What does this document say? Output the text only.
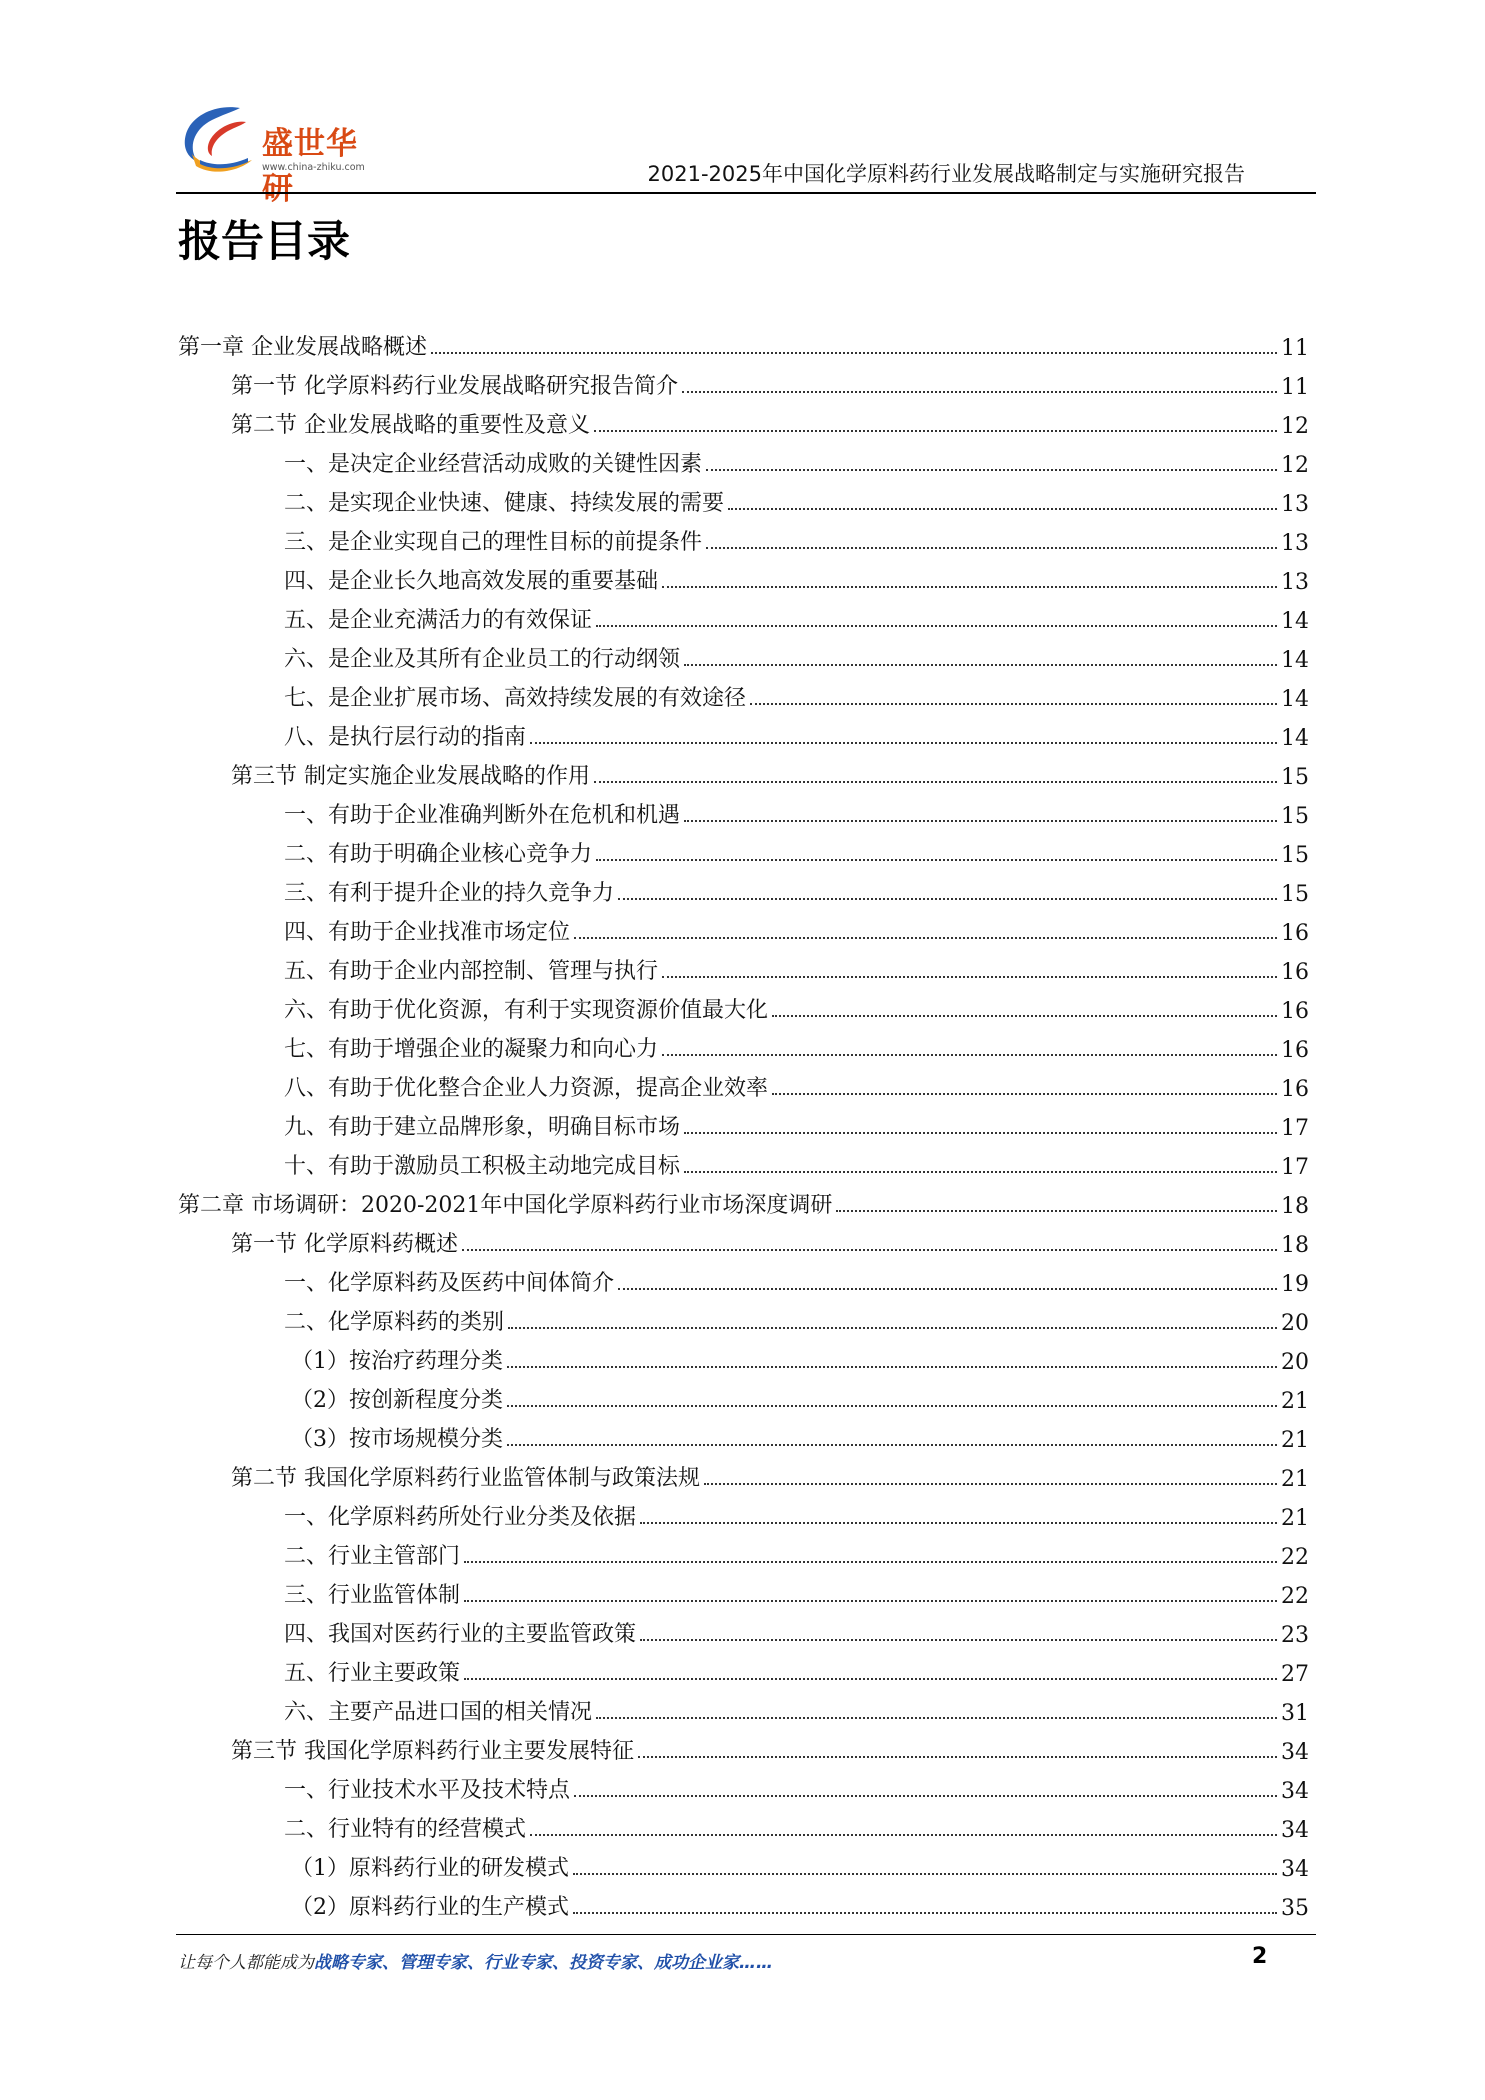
盛世华研
www.china-zhiku.com	2021-2025年中国化学原料药行业发展战略制定与实施研究报告
报告目录
第一章 企业发展战略概述	11
第一节 化学原料药行业发展战略研究报告简介	11
第二节 企业发展战略的重要性及意义	12
一、是决定企业经营活动成败的关键性因素	12
二、是实现企业快速、健康、持续发展的需要	13
三、是企业实现自己的理性目标的前提条件	13
四、是企业长久地高效发展的重要基础	13
五、是企业充满活力的有效保证	14
六、是企业及其所有企业员工的行动纲领	14
七、是企业扩展市场、高效持续发展的有效途径	14
八、是执行层行动的指南	14
第三节 制定实施企业发展战略的作用	15
一、有助于企业准确判断外在危机和机遇	15
二、有助于明确企业核心竞争力	15
三、有利于提升企业的持久竞争力	15
四、有助于企业找准市场定位	16
五、有助于企业内部控制、管理与执行	16
六、有助于优化资源，有利于实现资源价值最大化	16
七、有助于增强企业的凝聚力和向心力	16
八、有助于优化整合企业人力资源，提高企业效率	16
九、有助于建立品牌形象，明确目标市场	17
十、有助于激励员工积极主动地完成目标	17
第二章 市场调研：2020-2021年中国化学原料药行业市场深度调研	18
第一节 化学原料药概述	18
一、化学原料药及医药中间体简介	19
二、化学原料药的类别	20
（1）按治疗药理分类	20
（2）按创新程度分类	21
（3）按市场规模分类	21
第二节 我国化学原料药行业监管体制与政策法规	21
一、化学原料药所处行业分类及依据	21
二、行业主管部门	22
三、行业监管体制	22
四、我国对医药行业的主要监管政策	23
五、行业主要政策	27
六、主要产品进口国的相关情况	31
第三节 我国化学原料药行业主要发展特征	34
一、行业技术水平及技术特点	34
二、行业特有的经营模式	34
（1）原料药行业的研发模式	34
（2）原料药行业的生产模式	35
让每个人都能成为战略专家、管理专家、行业专家、投资专家、成功企业家……	2
